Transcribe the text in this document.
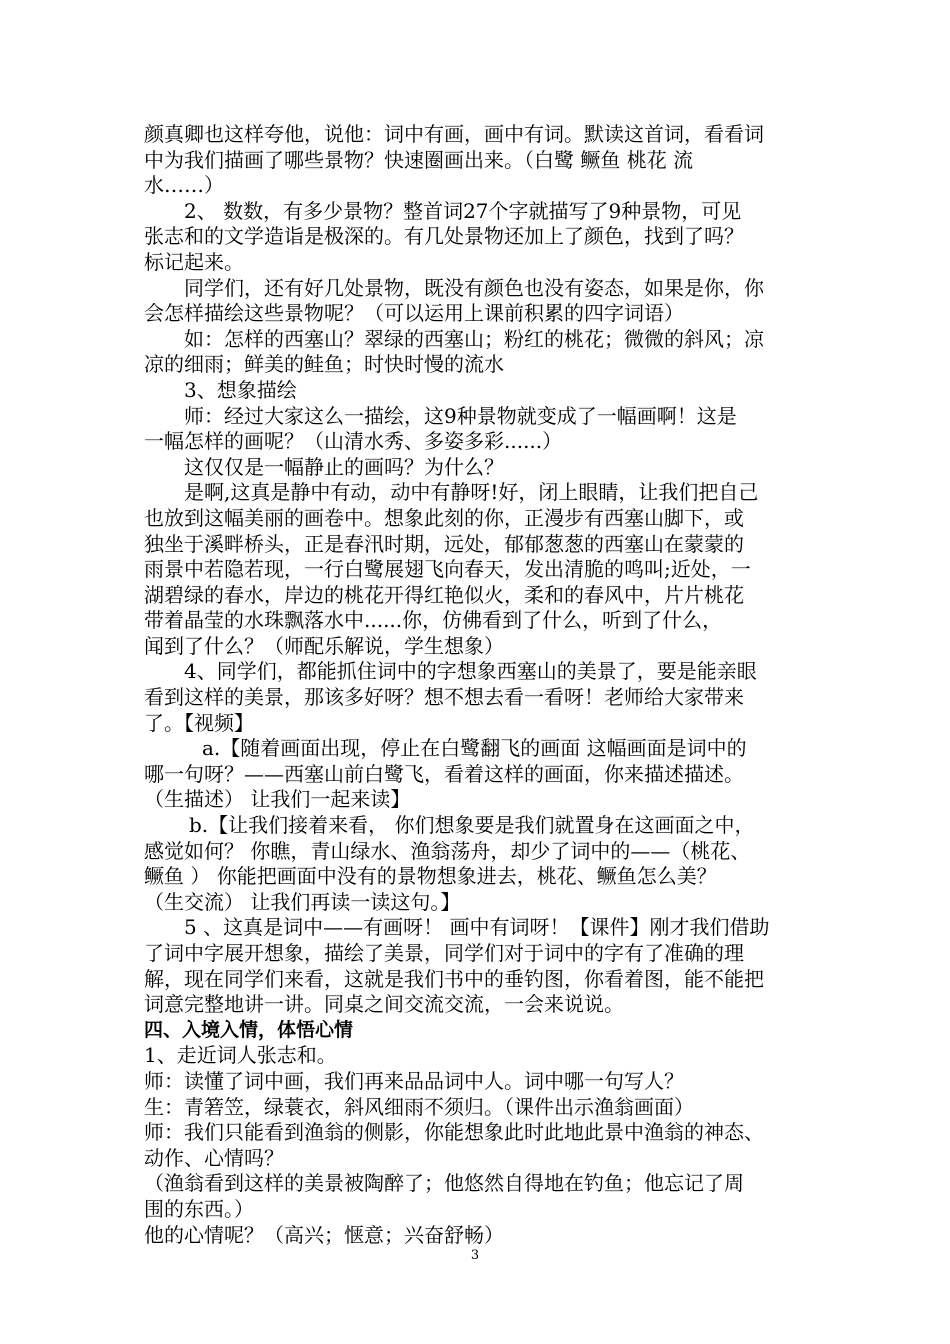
颜真卿也这样夸他，说他：词中有画，画中有词。默读这首词，看看词
中为我们描画了哪些景物？快速圈画出来。（白鹭 鳜鱼 桃花 流
水……）
2、 数数，有多少景物？整首词27个字就描写了9种景物，可见
张志和的文学造诣是极深的。有几处景物还加上了颜色，找到了吗？
标记起来。
同学们，还有好几处景物，既没有颜色也没有姿态，如果是你，你
会怎样描绘这些景物呢？（可以运用上课前积累的四字词语）
如：怎样的西塞山？翠绿的西塞山；粉红的桃花；微微的斜风；凉
凉的细雨；鲜美的鲑鱼；时快时慢的流水
3、想象描绘
师：经过大家这么一描绘，这9种景物就变成了一幅画啊！这是
一幅怎样的画呢？（山清水秀、多姿多彩......）
这仅仅是一幅静止的画吗？为什么？
是啊,这真是静中有动，动中有静呀!好，闭上眼睛，让我们把自己
也放到这幅美丽的画卷中。想象此刻的你，正漫步有西塞山脚下，或
独坐于溪畔桥头，正是春汛时期，远处，郁郁葱葱的西塞山在蒙蒙的
雨景中若隐若现，一行白鹭展翅飞向春天，发出清脆的鸣叫;近处，一
湖碧绿的春水，岸边的桃花开得红艳似火，柔和的春风中，片片桃花
带着晶莹的水珠飘落水中......你，仿佛看到了什么，听到了什么，
闻到了什么？（师配乐解说，学生想象）
4、同学们，都能抓住词中的字想象西塞山的美景了，要是能亲眼
看到这样的美景，那该多好呀？想不想去看一看呀！老师给大家带来
了。【视频】
a.【随着画面出现，停止在白鹭翻飞的画面 这幅画面是词中的
哪一句呀？——西塞山前白鹭飞，看着这样的画面，你来描述描述。
（生描述） 让我们一起来读】
b.【让我们接着来看， 你们想象要是我们就置身在这画面之中，
感觉如何？ 你瞧，青山绿水、渔翁荡舟，却少了词中的——（桃花、
鳜鱼 ） 你能把画面中没有的景物想象进去，桃花、鳜鱼怎么美？
（生交流） 让我们再读一读这句。】
5 、这真是词中——有画呀！ 画中有词呀！【课件】刚才我们借助
了词中字展开想象，描绘了美景，同学们对于词中的字有了准确的理
解，现在同学们来看，这就是我们书中的垂钓图，你看着图，能不能把
词意完整地讲一讲。同桌之间交流交流，一会来说说。
四、入境入情，体悟心情
1、走近词人张志和。
师：读懂了词中画，我们再来品品词中人。词中哪一句写人？
生：青箬笠，绿蓑衣，斜风细雨不须归。（课件出示渔翁画面）
师：我们只能看到渔翁的侧影，你能想象此时此地此景中渔翁的神态、
动作、心情吗？
（渔翁看到这样的美景被陶醉了；他悠然自得地在钓鱼；他忘记了周
围的东西。）
他的心情呢？（高兴；惬意；兴奋舒畅）
3
